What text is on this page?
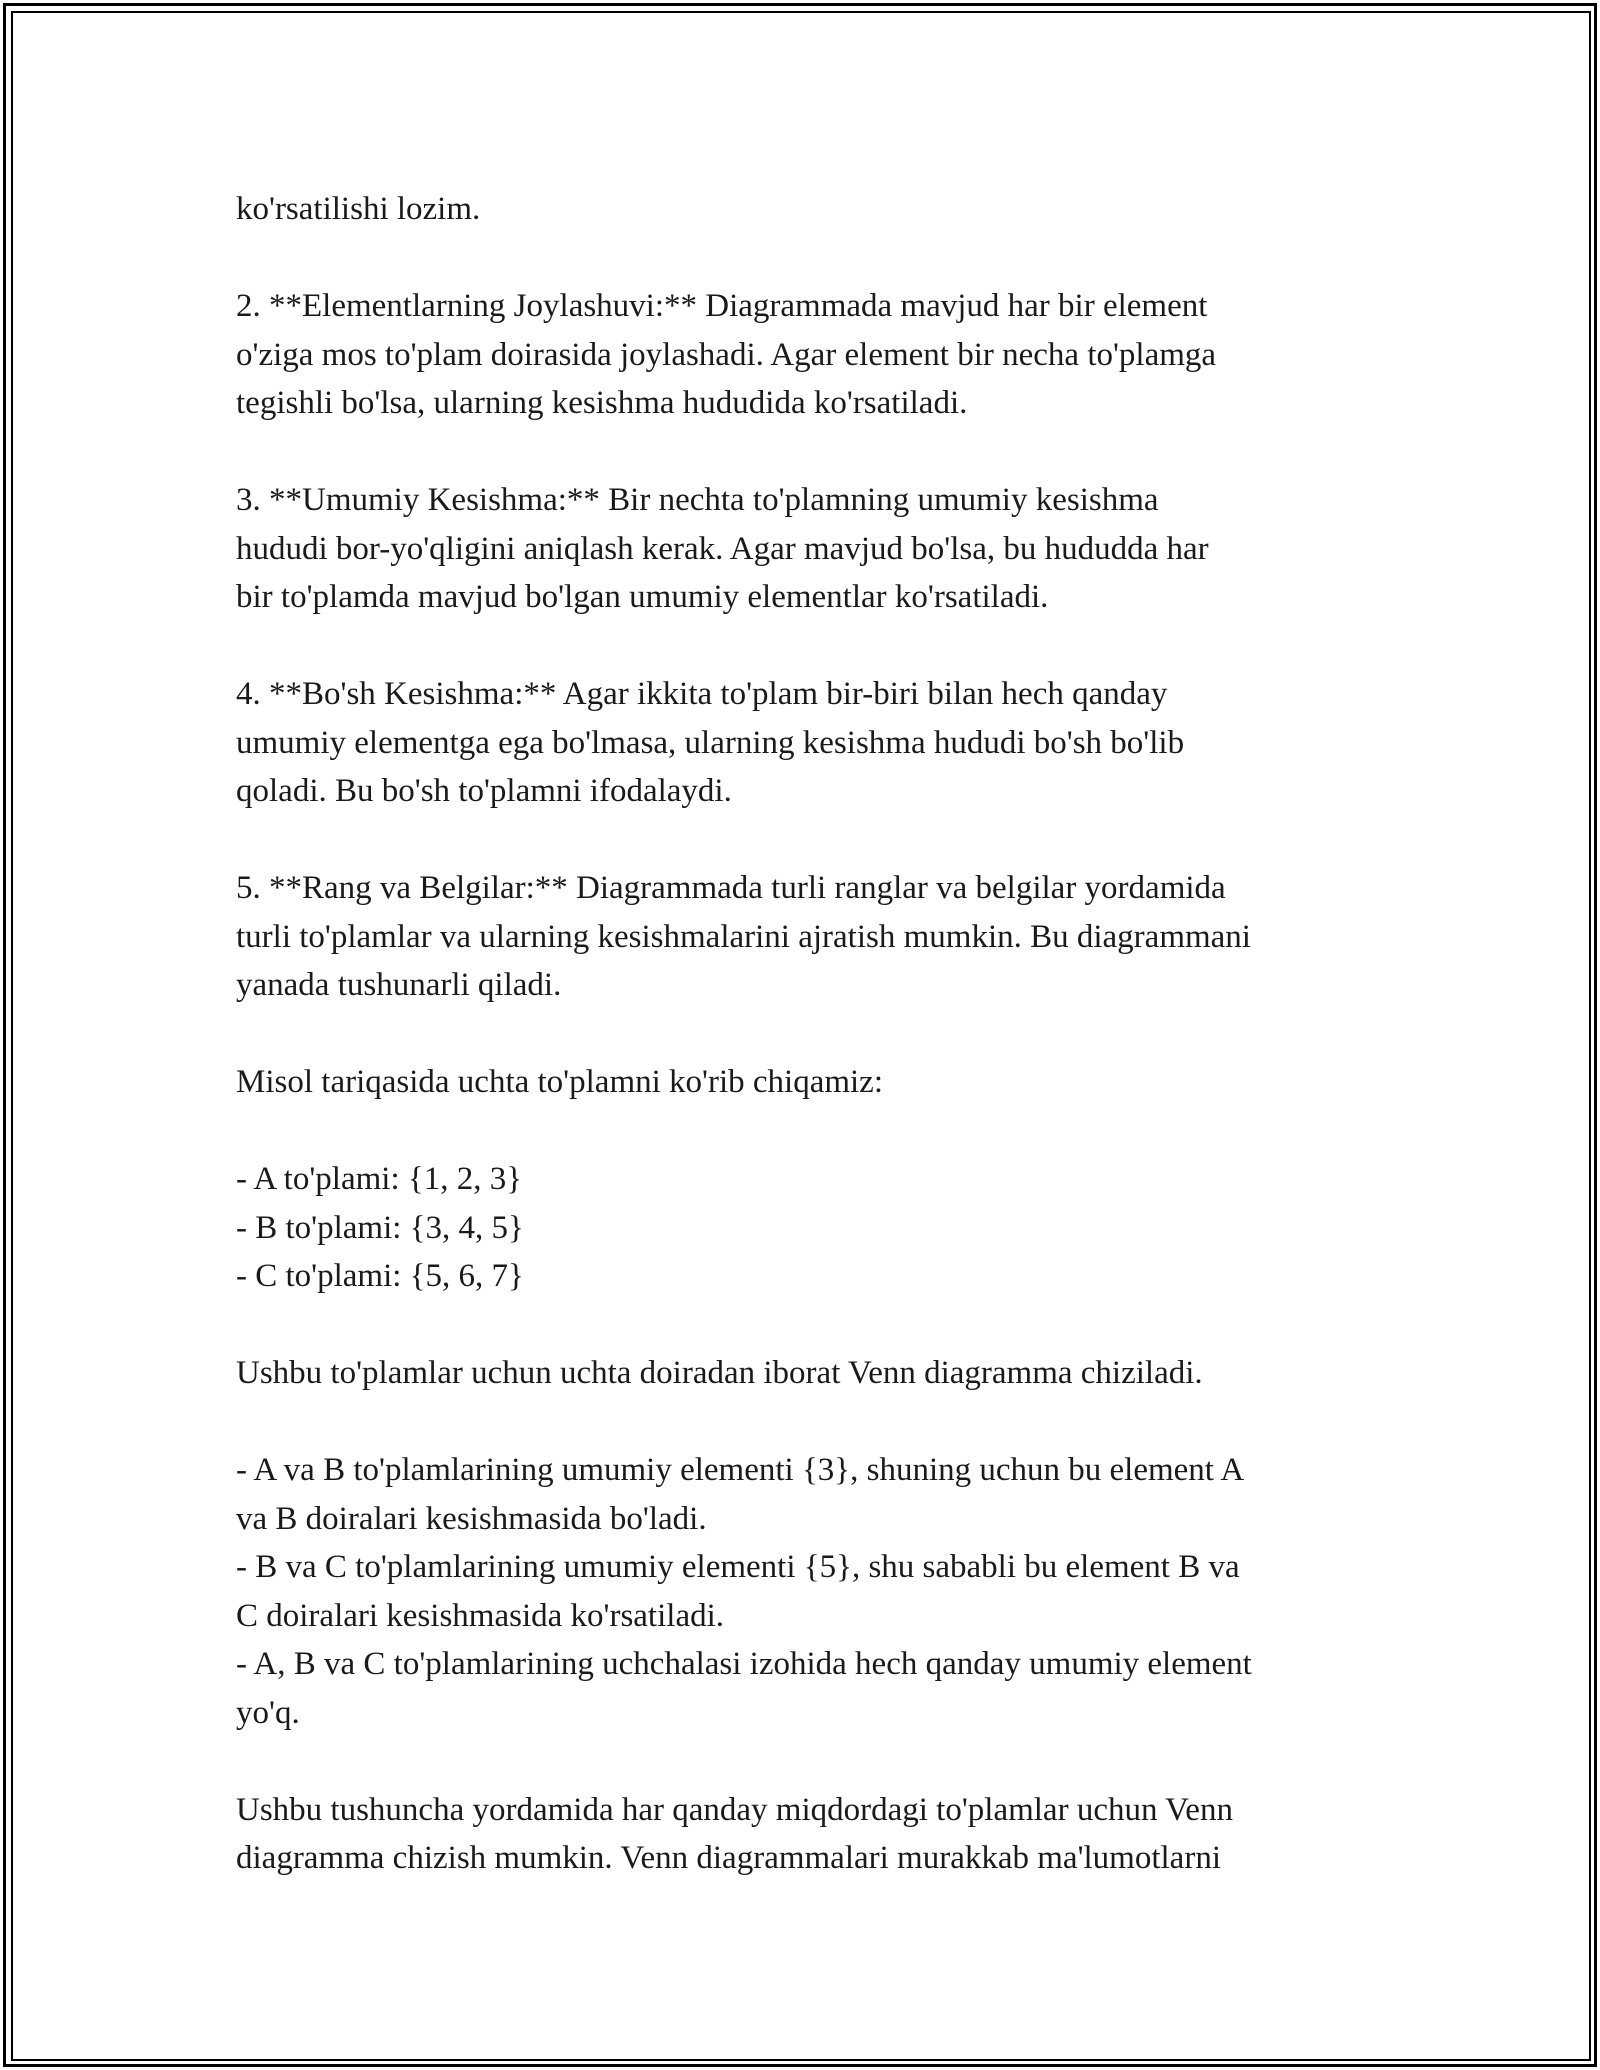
ko'rsatilishi lozim.
2. **Elementlarning Joylashuvi:** Diagrammada mavjud har bir element
o'ziga mos to'plam doirasida joylashadi. Agar element bir necha to'plamga
tegishli bo'lsa, ularning kesishma hududida ko'rsatiladi.
3. **Umumiy Kesishma:** Bir nechta to'plamning umumiy kesishma
hududi bor-yo'qligini aniqlash kerak. Agar mavjud bo'lsa, bu hududda har
bir to'plamda mavjud bo'lgan umumiy elementlar ko'rsatiladi.
4. **Bo'sh Kesishma:** Agar ikkita to'plam bir-biri bilan hech qanday
umumiy elementga ega bo'lmasa, ularning kesishma hududi bo'sh bo'lib
qoladi. Bu bo'sh to'plamni ifodalaydi.
5. **Rang va Belgilar:** Diagrammada turli ranglar va belgilar yordamida
turli to'plamlar va ularning kesishmalarini ajratish mumkin. Bu diagrammani
yanada tushunarli qiladi.
Misol tariqasida uchta to'plamni ko'rib chiqamiz:
- A to'plami: {1, 2, 3}
- B to'plami: {3, 4, 5}
- C to'plami: {5, 6, 7}
Ushbu to'plamlar uchun uchta doiradan iborat Venn diagramma chiziladi.
- A va B to'plamlarining umumiy elementi {3}, shuning uchun bu element A
va B doiralari kesishmasida bo'ladi.
- B va C to'plamlarining umumiy elementi {5}, shu sababli bu element B va
C doiralari kesishmasida ko'rsatiladi.
- A, B va C to'plamlarining uchchalasi izohida hech qanday umumiy element
yo'q.
Ushbu tushuncha yordamida har qanday miqdordagi to'plamlar uchun Venn
diagramma chizish mumkin. Venn diagrammalari murakkab ma'lumotlarni
